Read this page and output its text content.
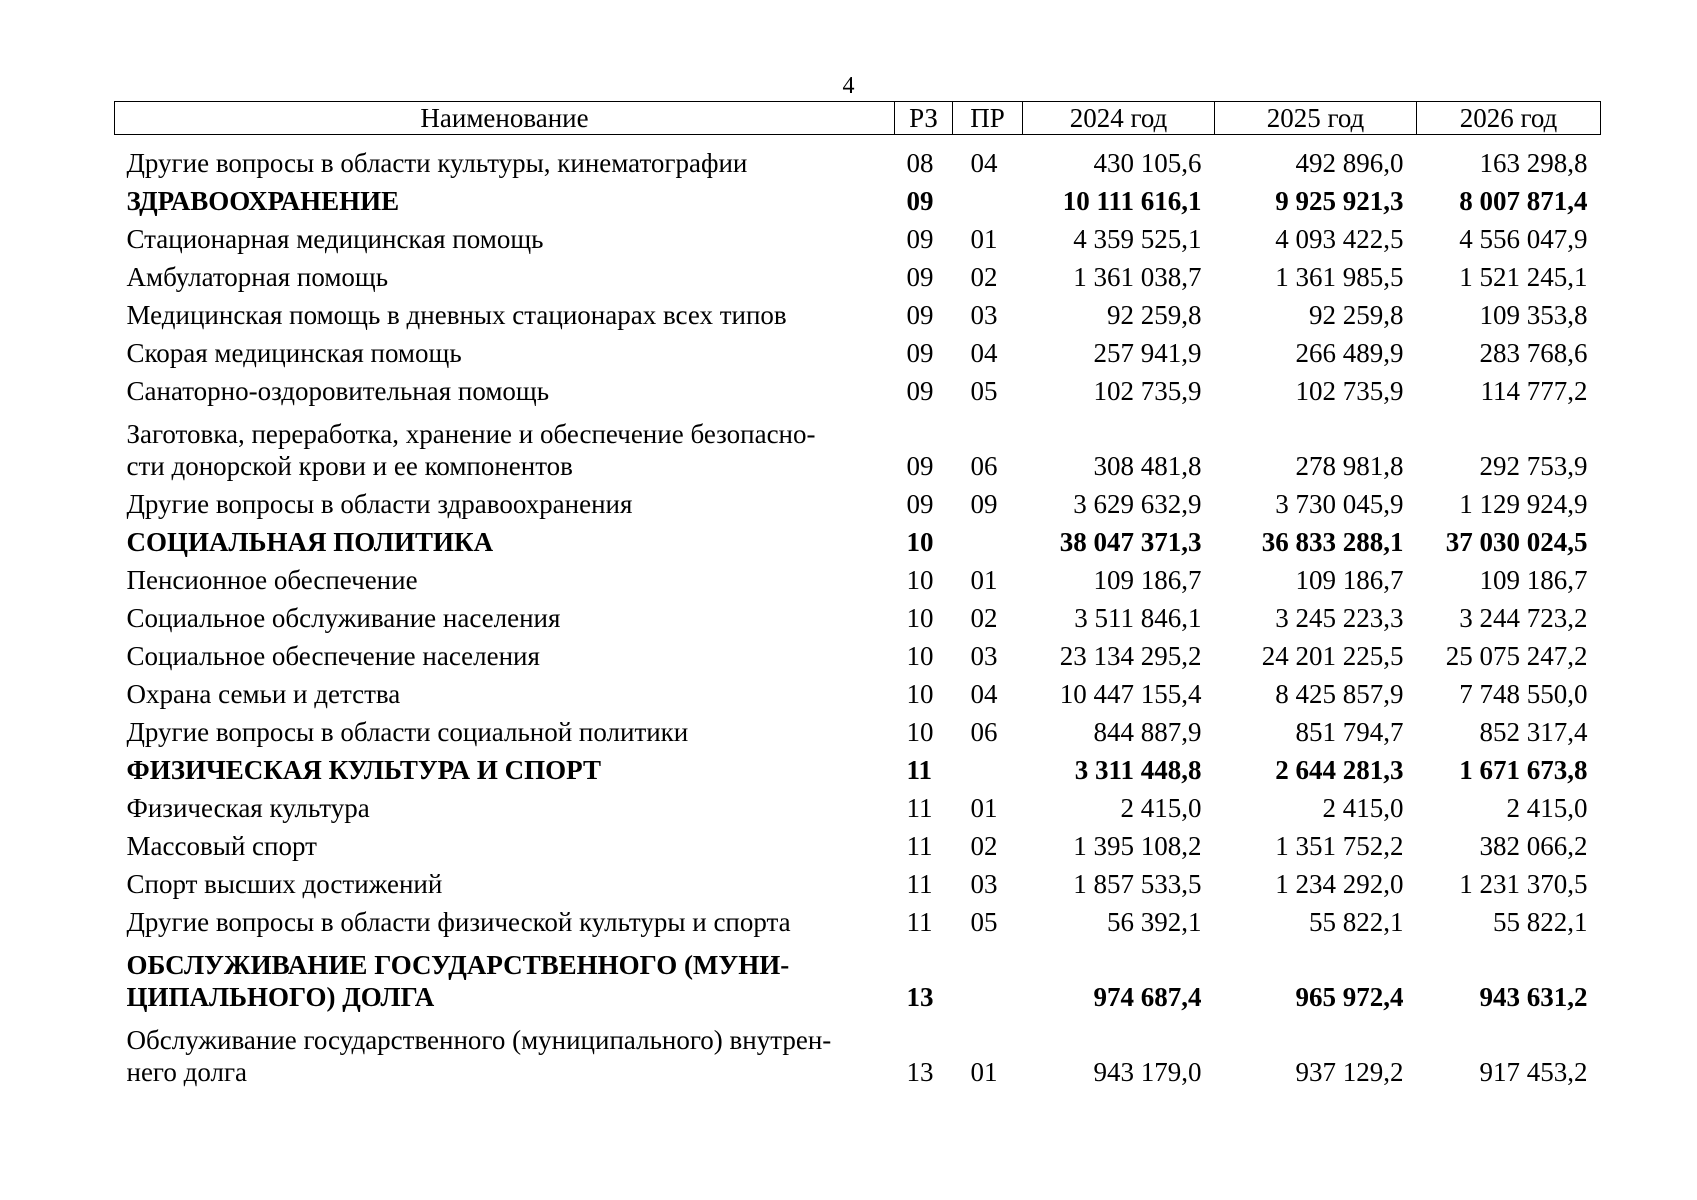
4
Наименование	РЗ	ПР	2024 год	2025 год	2026 год

Другие вопросы в области культуры, кинематографии	08	04	430 105,6	492 896,0	163 298,8

ЗДРАВООХРАНЕНИЕ	09		10 111 616,1	9 925 921,3	8 007 871,4

Стационарная медицинская помощь	09	01	4 359 525,1	4 093 422,5	4 556 047,9

Амбулаторная помощь	09	02	1 361 038,7	1 361 985,5	1 521 245,1

Медицинская помощь в дневных стационарах всех типов	09	03	92 259,8	92 259,8	109 353,8

Скорая медицинская помощь	09	04	257 941,9	266 489,9	283 768,6

Санаторно-оздоровительная помощь	09	05	102 735,9	102 735,9	114 777,2

Заготовка, переработка, хранение и обеспечение безопасно-
сти донорской крови и ее компонентов	09	06	308 481,8	278 981,8	292 753,9

Другие вопросы в области здравоохранения	09	09	3 629 632,9	3 730 045,9	1 129 924,9

СОЦИАЛЬНАЯ ПОЛИТИКА	10		38 047 371,3	36 833 288,1	37 030 024,5

Пенсионное обеспечение	10	01	109 186,7	109 186,7	109 186,7

Социальное обслуживание населения	10	02	3 511 846,1	3 245 223,3	3 244 723,2

Социальное обеспечение населения	10	03	23 134 295,2	24 201 225,5	25 075 247,2

Охрана семьи и детства	10	04	10 447 155,4	8 425 857,9	7 748 550,0

Другие вопросы в области социальной политики	10	06	844 887,9	851 794,7	852 317,4

ФИЗИЧЕСКАЯ КУЛЬТУРА И СПОРТ	11		3 311 448,8	2 644 281,3	1 671 673,8

Физическая культура	11	01	2 415,0	2 415,0	2 415,0

Массовый спорт	11	02	1 395 108,2	1 351 752,2	382 066,2

Спорт высших достижений	11	03	1 857 533,5	1 234 292,0	1 231 370,5

Другие вопросы в области физической культуры и спорта	11	05	56 392,1	55 822,1	55 822,1

ОБСЛУЖИВАНИЕ ГОСУДАРСТВЕННОГО (МУНИ-
ЦИПАЛЬНОГО) ДОЛГА	13		974 687,4	965 972,4	943 631,2

Обслуживание государственного (муниципального) внутрен-
него долга	13	01	943 179,0	937 129,2	917 453,2
